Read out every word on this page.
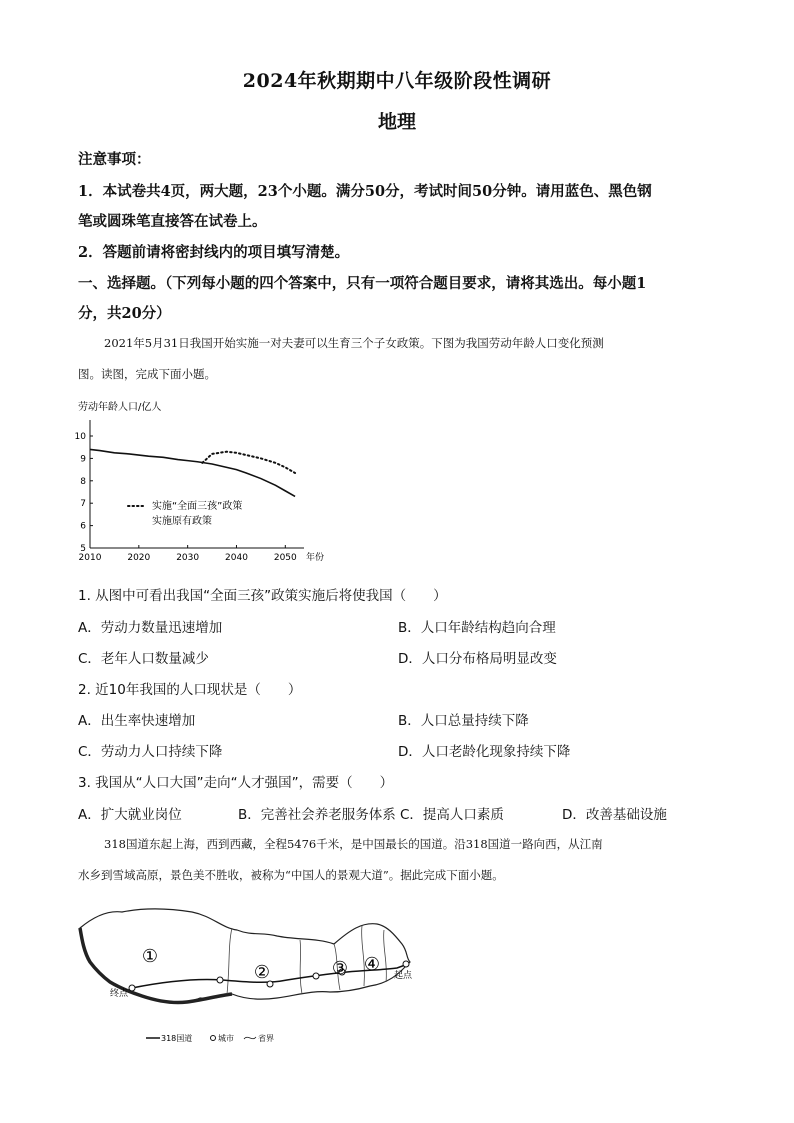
2024年秋期期中八年级阶段性调研
地理
注意事项：
1．本试卷共4页，两大题，23个小题。满分50分，考试时间50分钟。请用蓝色、黑色钢
笔或圆珠笔直接答在试卷上。
2．答题前请将密封线内的项目填写清楚。
一、选择题。（下列每小题的四个答案中，只有一项符合题目要求，请将其选出。每小题1
分，共20分）
2021年5月31日我国开始实施一对夫妻可以生育三个子女政策。下图为我国劳动年龄人口变化预测
图。读图，完成下面小题。
劳动年龄人口/亿人
5
6
7
8
9
10
2010	2020	2030	2040	2050 年份
实施“全面三孩”政策
实施原有政策
1. 从图中可看出我国“全面三孩”政策实施后将使我国（　　）
A．劳动力数量迅速增加	B．人口年龄结构趋向合理
C．老年人口数量减少	D．人口分布格局明显改变
2. 近10年我国的人口现状是（　　）
A．出生率快速增加	B．人口总量持续下降
C．劳动力人口持续下降	D．人口老龄化现象持续下降
3. 我国从“人口大国”走向“人才强国”，需要（　　）
A．扩大就业岗位	B．完善社会养老服务体系 C．提高人口素质	D．改善基础设施
318国道东起上海，西到西藏，全程5476千米，是中国最长的国道。沿318国道一路向西，从江南
水乡到雪域高原，景色美不胜收，被称为“中国人的景观大道”。据此完成下面小题。
①
②	③ ④
终点
起点
318国道	城市	省界
